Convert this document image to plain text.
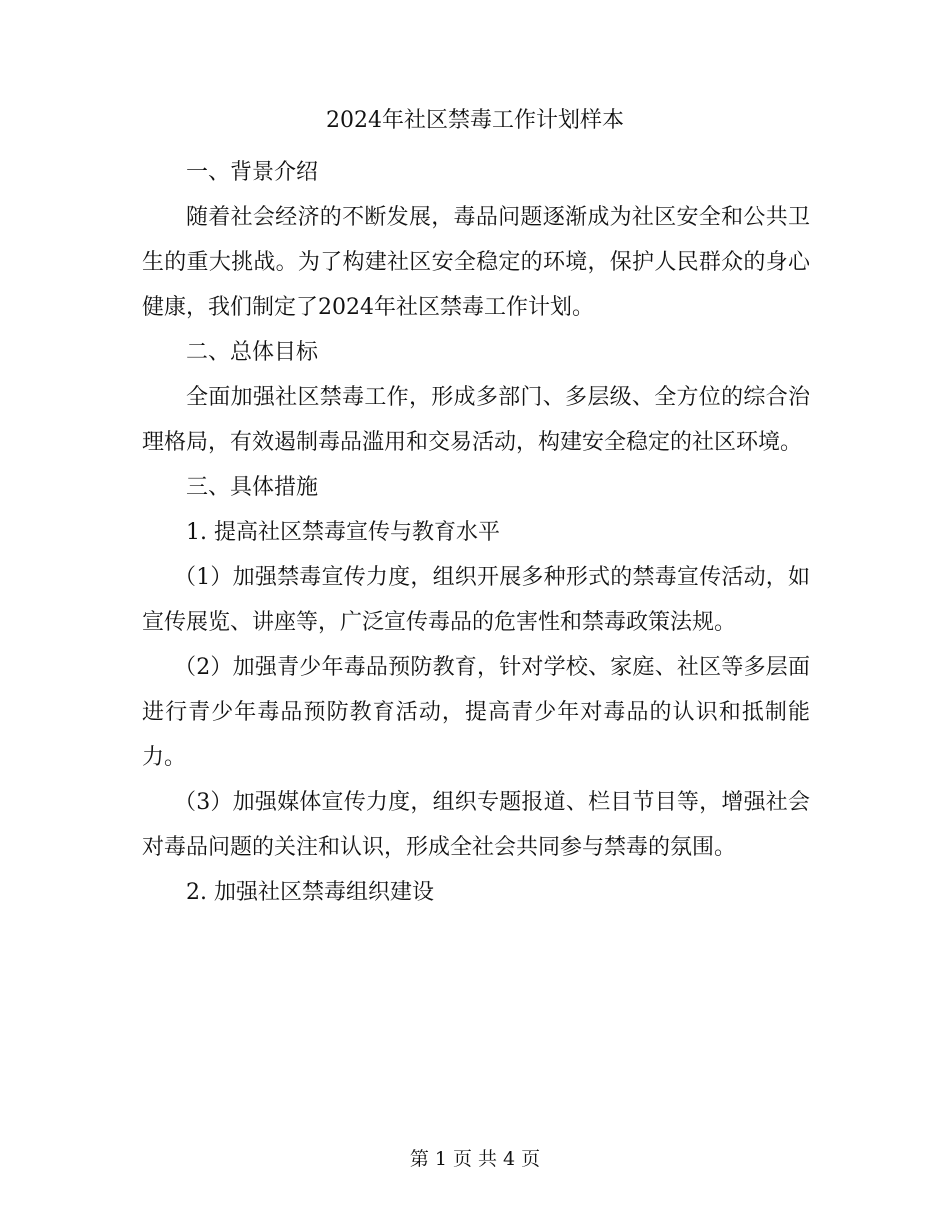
2024年社区禁毒工作计划样本

一、背景介绍

随着社会经济的不断发展，毒品问题逐渐成为社区安全和公共卫生的重大挑战。为了构建社区安全稳定的环境，保护人民群众的身心健康，我们制定了2024年社区禁毒工作计划。

二、总体目标

全面加强社区禁毒工作，形成多部门、多层级、全方位的综合治理格局，有效遏制毒品滥用和交易活动，构建安全稳定的社区环境。

三、具体措施

1. 提高社区禁毒宣传与教育水平

（1）加强禁毒宣传力度，组织开展多种形式的禁毒宣传活动，如宣传展览、讲座等，广泛宣传毒品的危害性和禁毒政策法规。

（2）加强青少年毒品预防教育，针对学校、家庭、社区等多层面进行青少年毒品预防教育活动，提高青少年对毒品的认识和抵制能力。

（3）加强媒体宣传力度，组织专题报道、栏目节目等，增强社会对毒品问题的关注和认识，形成全社会共同参与禁毒的氛围。

2. 加强社区禁毒组织建设

第 1 页 共 4 页
